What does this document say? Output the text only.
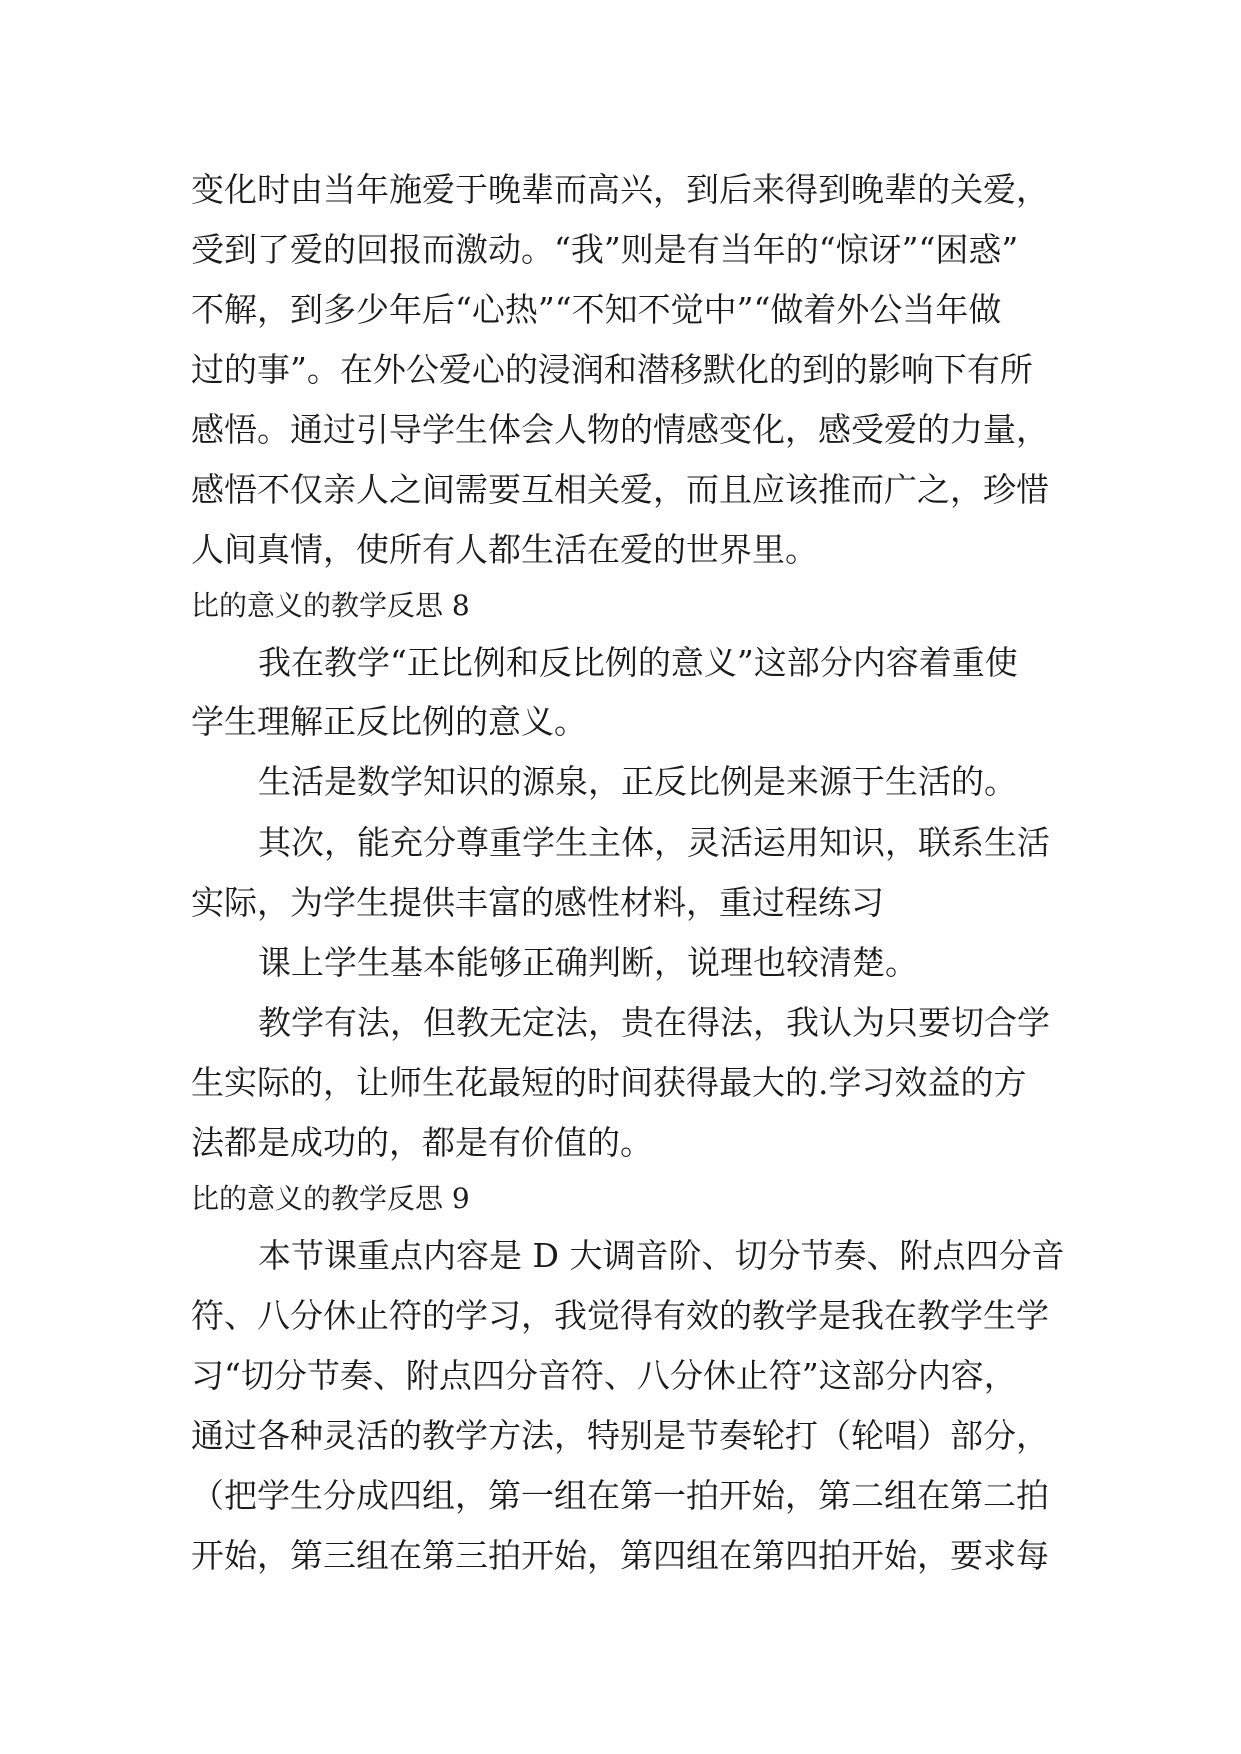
变化时由当年施爱于晚辈而高兴，到后来得到晚辈的关爱，
受到了爱的回报而激动。“我”则是有当年的“惊讶”“困惑”
不解，到多少年后“心热”“不知不觉中”“做着外公当年做
过的事”。在外公爱心的浸润和潜移默化的到的影响下有所
感悟。通过引导学生体会人物的情感变化，感受爱的力量，
感悟不仅亲人之间需要互相关爱，而且应该推而广之，珍惜
人间真情，使所有人都生活在爱的世界里。
比的意义的教学反思 8
我在教学“正比例和反比例的意义”这部分内容着重使
学生理解正反比例的意义。
生活是数学知识的源泉，正反比例是来源于生活的。
其次，能充分尊重学生主体，灵活运用知识，联系生活
实际，为学生提供丰富的感性材料，重过程练习
课上学生基本能够正确判断，说理也较清楚。
教学有法，但教无定法，贵在得法，我认为只要切合学
生实际的，让师生花最短的时间获得最大的.学习效益的方
法都是成功的，都是有价值的。
比的意义的教学反思 9
本节课重点内容是 D 大调音阶、切分节奏、附点四分音
符、八分休止符的学习，我觉得有效的教学是我在教学生学
习“切分节奏、附点四分音符、八分休止符”这部分内容，
通过各种灵活的教学方法，特别是节奏轮打（轮唱）部分，
（把学生分成四组，第一组在第一拍开始，第二组在第二拍
开始，第三组在第三拍开始，第四组在第四拍开始，要求每
